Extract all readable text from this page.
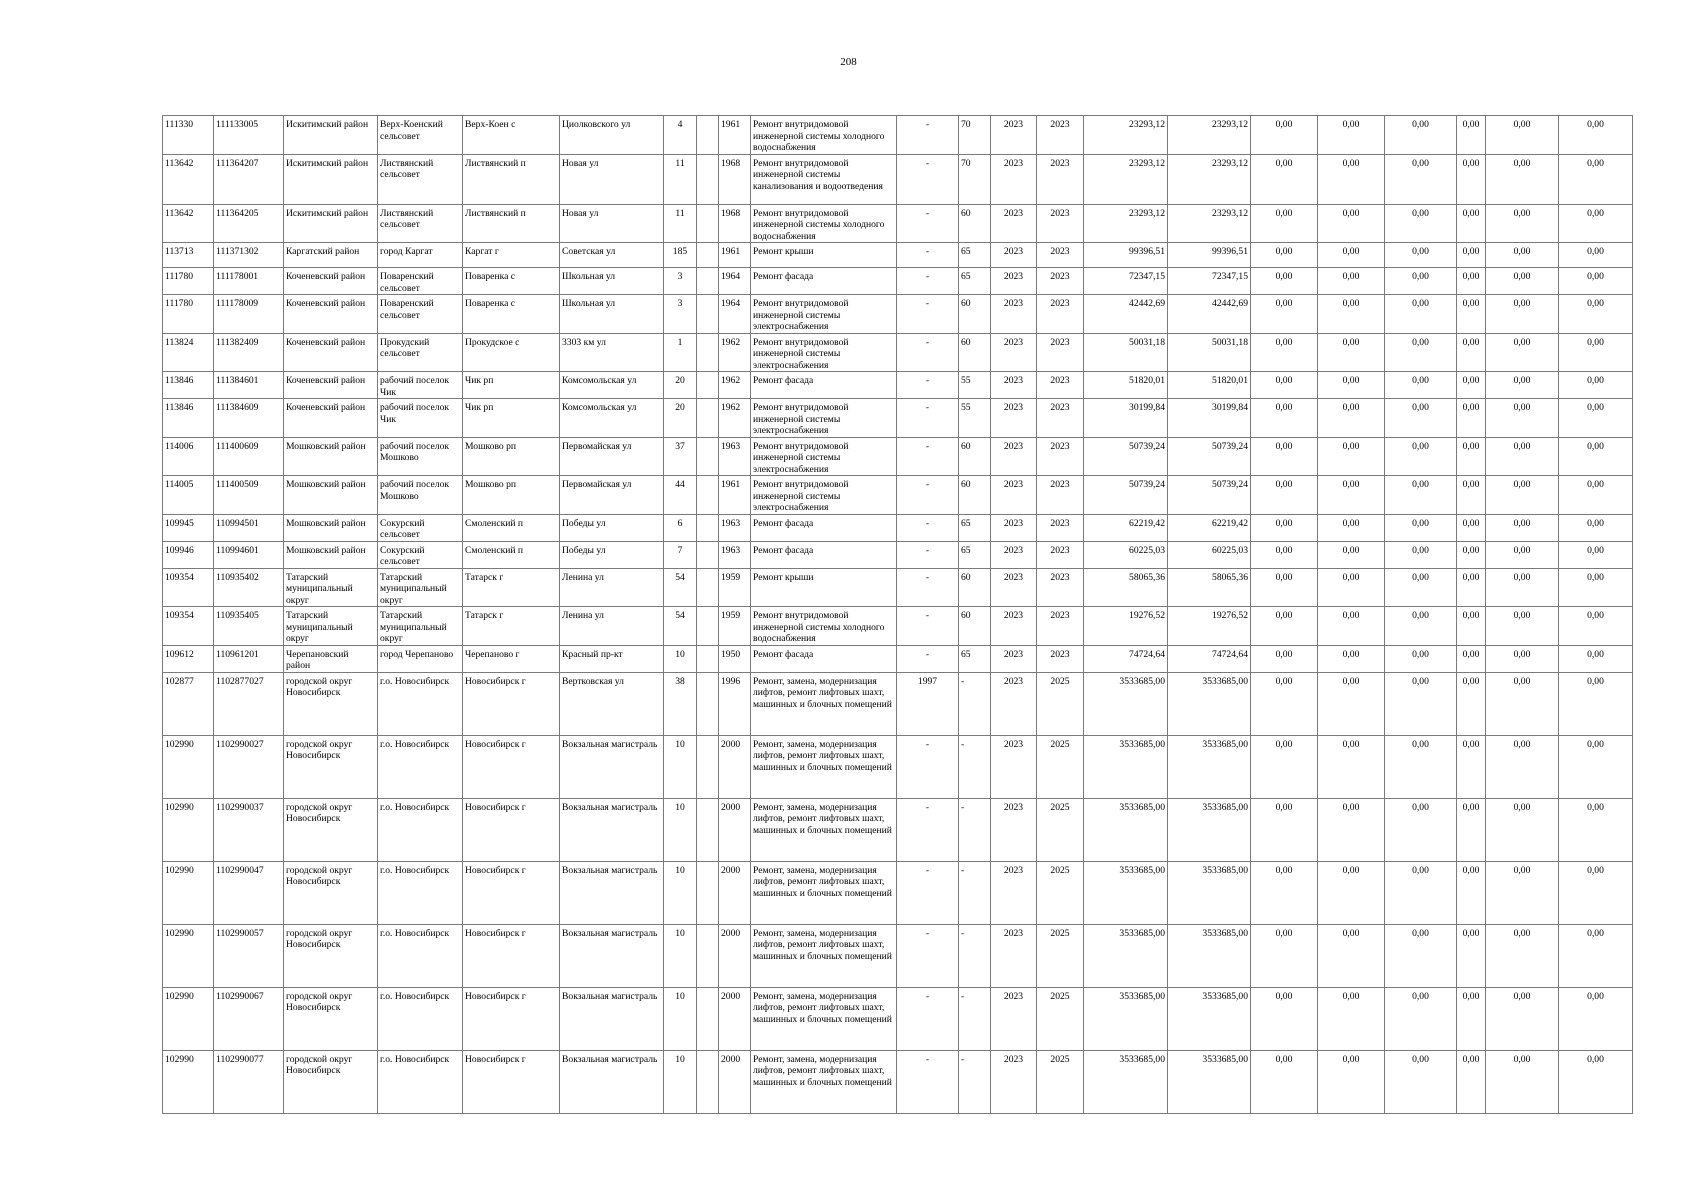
208
111330	111133005	Искитимский район	Верх-Коенский сельсовет	Верх-Коен с	Циолковского ул	4		1961	Ремонт внутридомовой инженерной системы холодного водоснабжения	-	70	2023	2023	23293,12	23293,12	0,00	0,00	0,00	0,00	0,00	0,00
113642	111364207	Искитимский район	Листвянский сельсовет	Листвянский п	Новая ул	11		1968	Ремонт внутридомовой инженерной системы канализования и водоотведения	-	70	2023	2023	23293,12	23293,12	0,00	0,00	0,00	0,00	0,00	0,00
113642	111364205	Искитимский район	Листвянский сельсовет	Листвянский п	Новая ул	11		1968	Ремонт внутридомовой инженерной системы холодного водоснабжения	-	60	2023	2023	23293,12	23293,12	0,00	0,00	0,00	0,00	0,00	0,00
113713	111371302	Каргатский район	город Каргат	Каргат г	Советская ул	185		1961	Ремонт крыши	-	65	2023	2023	99396,51	99396,51	0,00	0,00	0,00	0,00	0,00	0,00
111780	111178001	Коченевский район	Поваренский сельсовет	Поваренка с	Школьная ул	3		1964	Ремонт фасада	-	65	2023	2023	72347,15	72347,15	0,00	0,00	0,00	0,00	0,00	0,00
111780	111178009	Коченевский район	Поваренский сельсовет	Поваренка с	Школьная ул	3		1964	Ремонт внутридомовой инженерной системы электроснабжения	-	60	2023	2023	42442,69	42442,69	0,00	0,00	0,00	0,00	0,00	0,00
113824	111382409	Коченевский район	Прокудский сельсовет	Прокудское с	3303 км ул	1		1962	Ремонт внутридомовой инженерной системы электроснабжения	-	60	2023	2023	50031,18	50031,18	0,00	0,00	0,00	0,00	0,00	0,00
113846	111384601	Коченевский район	рабочий поселок Чик	Чик рп	Комсомольская ул	20		1962	Ремонт фасада	-	55	2023	2023	51820,01	51820,01	0,00	0,00	0,00	0,00	0,00	0,00
113846	111384609	Коченевский район	рабочий поселок Чик	Чик рп	Комсомольская ул	20		1962	Ремонт внутридомовой инженерной системы электроснабжения	-	55	2023	2023	30199,84	30199,84	0,00	0,00	0,00	0,00	0,00	0,00
114006	111400609	Мошковский район	рабочий поселок Мошково	Мошково рп	Первомайская ул	37		1963	Ремонт внутридомовой инженерной системы электроснабжения	-	60	2023	2023	50739,24	50739,24	0,00	0,00	0,00	0,00	0,00	0,00
114005	111400509	Мошковский район	рабочий поселок Мошково	Мошково рп	Первомайская ул	44		1961	Ремонт внутридомовой инженерной системы электроснабжения	-	60	2023	2023	50739,24	50739,24	0,00	0,00	0,00	0,00	0,00	0,00
109945	110994501	Мошковский район	Сокурский сельсовет	Смоленский п	Победы ул	6		1963	Ремонт фасада	-	65	2023	2023	62219,42	62219,42	0,00	0,00	0,00	0,00	0,00	0,00
109946	110994601	Мошковский район	Сокурский сельсовет	Смоленский п	Победы ул	7		1963	Ремонт фасада	-	65	2023	2023	60225,03	60225,03	0,00	0,00	0,00	0,00	0,00	0,00
109354	110935402	Татарский муниципальный округ	Татарский муниципальный округ	Татарск г	Ленина ул	54		1959	Ремонт крыши	-	60	2023	2023	58065,36	58065,36	0,00	0,00	0,00	0,00	0,00	0,00
109354	110935405	Татарский муниципальный округ	Татарский муниципальный округ	Татарск г	Ленина ул	54		1959	Ремонт внутридомовой инженерной системы холодного водоснабжения	-	60	2023	2023	19276,52	19276,52	0,00	0,00	0,00	0,00	0,00	0,00
109612	110961201	Черепановский район	город Черепаново	Черепаново г	Красный пр-кт	10		1950	Ремонт фасада	-	65	2023	2023	74724,64	74724,64	0,00	0,00	0,00	0,00	0,00	0,00
102877	1102877027	городской округ Новосибирск	г.о. Новосибирск	Новосибирск г	Вертковская ул	38		1996	Ремонт, замена, модернизация лифтов, ремонт лифтовых шахт, машинных и блочных помещений	1997	-	2023	2025	3533685,00	3533685,00	0,00	0,00	0,00	0,00	0,00	0,00
102990	1102990027	городской округ Новосибирск	г.о. Новосибирск	Новосибирск г	Вокзальная магистраль	10		2000	Ремонт, замена, модернизация лифтов, ремонт лифтовых шахт, машинных и блочных помещений	-	-	2023	2025	3533685,00	3533685,00	0,00	0,00	0,00	0,00	0,00	0,00
102990	1102990037	городской округ Новосибирск	г.о. Новосибирск	Новосибирск г	Вокзальная магистраль	10		2000	Ремонт, замена, модернизация лифтов, ремонт лифтовых шахт, машинных и блочных помещений	-	-	2023	2025	3533685,00	3533685,00	0,00	0,00	0,00	0,00	0,00	0,00
102990	1102990047	городской округ Новосибирск	г.о. Новосибирск	Новосибирск г	Вокзальная магистраль	10		2000	Ремонт, замена, модернизация лифтов, ремонт лифтовых шахт, машинных и блочных помещений	-	-	2023	2025	3533685,00	3533685,00	0,00	0,00	0,00	0,00	0,00	0,00
102990	1102990057	городской округ Новосибирск	г.о. Новосибирск	Новосибирск г	Вокзальная магистраль	10		2000	Ремонт, замена, модернизация лифтов, ремонт лифтовых шахт, машинных и блочных помещений	-	-	2023	2025	3533685,00	3533685,00	0,00	0,00	0,00	0,00	0,00	0,00
102990	1102990067	городской округ Новосибирск	г.о. Новосибирск	Новосибирск г	Вокзальная магистраль	10		2000	Ремонт, замена, модернизация лифтов, ремонт лифтовых шахт, машинных и блочных помещений	-	-	2023	2025	3533685,00	3533685,00	0,00	0,00	0,00	0,00	0,00	0,00
102990	1102990077	городской округ Новосибирск	г.о. Новосибирск	Новосибирск г	Вокзальная магистраль	10		2000	Ремонт, замена, модернизация лифтов, ремонт лифтовых шахт, машинных и блочных помещений	-	-	2023	2025	3533685,00	3533685,00	0,00	0,00	0,00	0,00	0,00	0,00
